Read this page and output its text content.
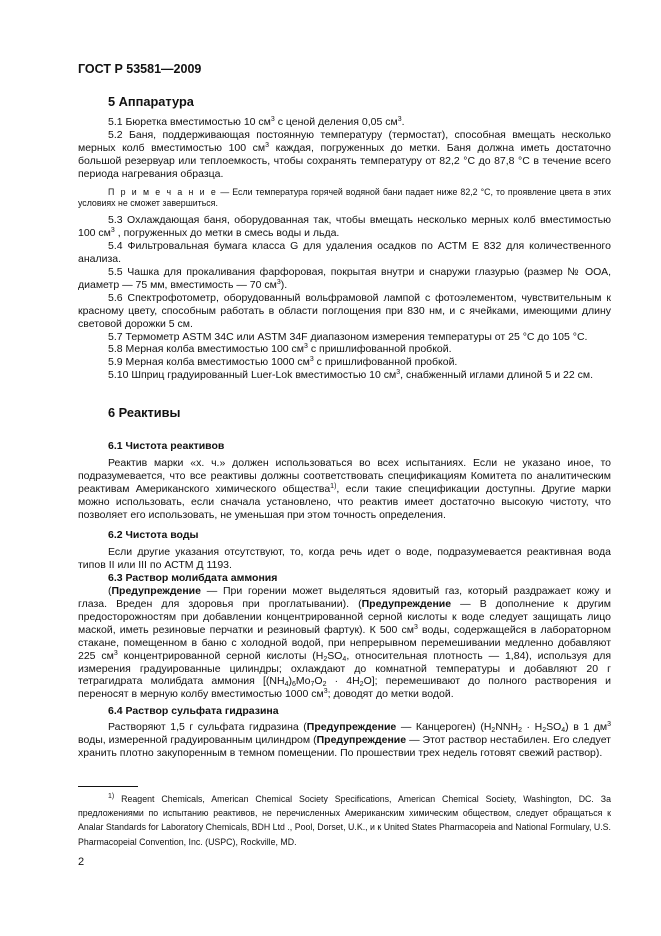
ГОСТ Р 53581—2009

5 Аппаратура

5.1 Бюретка вместимостью 10 $см^3$ с ценой деления 0,05 $см^3$.

5.2 Баня, поддерживающая постоянную температуру (термостат), способная вмещать несколько мерных колб вместимостью 100 $см^3$ каждая, погруженных до метки. Баня должна иметь достаточно большой резервуар или теплоемкость, чтобы сохранять температуру от 82,2 °С до 87,8 °С в течение всего периода нагревания образца.

П р и м е ч а н и е — Если температура горячей водяной бани падает ниже 82,2 °С, то проявление цвета в этих условиях не сможет завершиться.

5.3 Охлаждающая баня, оборудованная так, чтобы вмещать несколько мерных колб вместимостью 100 $см^3$ , погруженных до метки в смесь воды и льда.

5.4 Фильтровальная бумага класса G для удаления осадков по АСТМ Е 832 для количественного анализа.

5.5 Чашка для прокаливания фарфоровая, покрытая внутри и снаружи глазурью (размер № ООА, диаметр — 75 мм, вместимость — 70 $см^3$).

5.6 Спектрофотометр, оборудованный вольфрамовой лампой с фотоэлементом, чувствительным к красному цвету, способным работать в области поглощения при 830 нм, и с ячейками, имеющими длину световой дорожки 5 см.

5.7 Термометр ASTM 34C или ASTM 34F диапазоном измерения температуры от 25 °С до 105 °С.

5.8 Мерная колба вместимостью 100 $см^3$ с пришлифованной пробкой.

5.9 Мерная колба вместимостью 1000 $см^3$ с пришлифованной пробкой.

5.10 Шприц градуированный Luer-Lok вместимостью 10 $см^3$, снабженный иглами длиной 5 и 22 см.

6 Реактивы

6.1 Чистота реактивов

Реактив марки «х. ч.» должен использоваться во всех испытаниях. Если не указано иное, то подразумевается, что все реактивы должны соответствовать спецификациям Комитета по аналитическим реактивам Американского химического общества$^{1)}$, если такие спецификации доступны. Другие марки можно использовать, если сначала установлено, что реактив имеет достаточно высокую чистоту, что позволяет его использовать, не уменьшая при этом точность определения.

6.2 Чистота воды

Если другие указания отсутствуют, то, когда речь идет о воде, подразумевается реактивная вода типов II или III по АСТМ Д 1193.

6.3 Раствор молибдата аммония

(Предупреждение — При горении может выделяться ядовитый газ, который раздражает кожу и глаза. Вреден для здоровья при проглатывании). (Предупреждение — В дополнение к другим предосторожностям при добавлении концентрированной серной кислоты к воде следует защищать лицо маской, иметь резиновые перчатки и резиновый фартук). К 500 $см^3$ воды, содержащейся в лабораторном стакане, помещенном в баню с холодной водой, при непрерывном перемешивании медленно добавляют 225 $см^3$ концентрированной серной кислоты ($H_2SO_4$, относительная плотность — 1,84), используя для измерения градуированные цилиндры; охлаждают до комнатной температуры и добавляют 20 г тетрагидрата молибдата аммония $[(NH_4)_6Mo_7O_2 \cdot 4H_2O]$; перемешивают до полного растворения и переносят в мерную колбу вместимостью 1000 $см^3$; доводят до метки водой.

6.4 Раствор сульфата гидразина

Растворяют 1,5 г сульфата гидразина (Предупреждение — Канцероген) $(H_2NNH_2 \cdot H_2SO_4)$ в 1 $дм^3$ воды, измеренной градуированным цилиндром (Предупреждение — Этот раствор нестабилен. Его следует хранить плотно закупоренным в темном помещении. По прошествии трех недель готовят свежий раствор).

$^{1)}$ Reagent Chemicals, American Chemical Society Specifications, American Chemical Society, Washington, DC. За предложениями по испытанию реактивов, не перечисленных Американским химическим обществом, следует обращаться к Analar Standards for Laboratory Chemicals, BDH Ltd ., Pool, Dorset, U.K., и к United States Pharmacopeia and National Formulary, U.S. Pharmacopeial Convention, Inc. (USPC), Rockville, MD.
2
